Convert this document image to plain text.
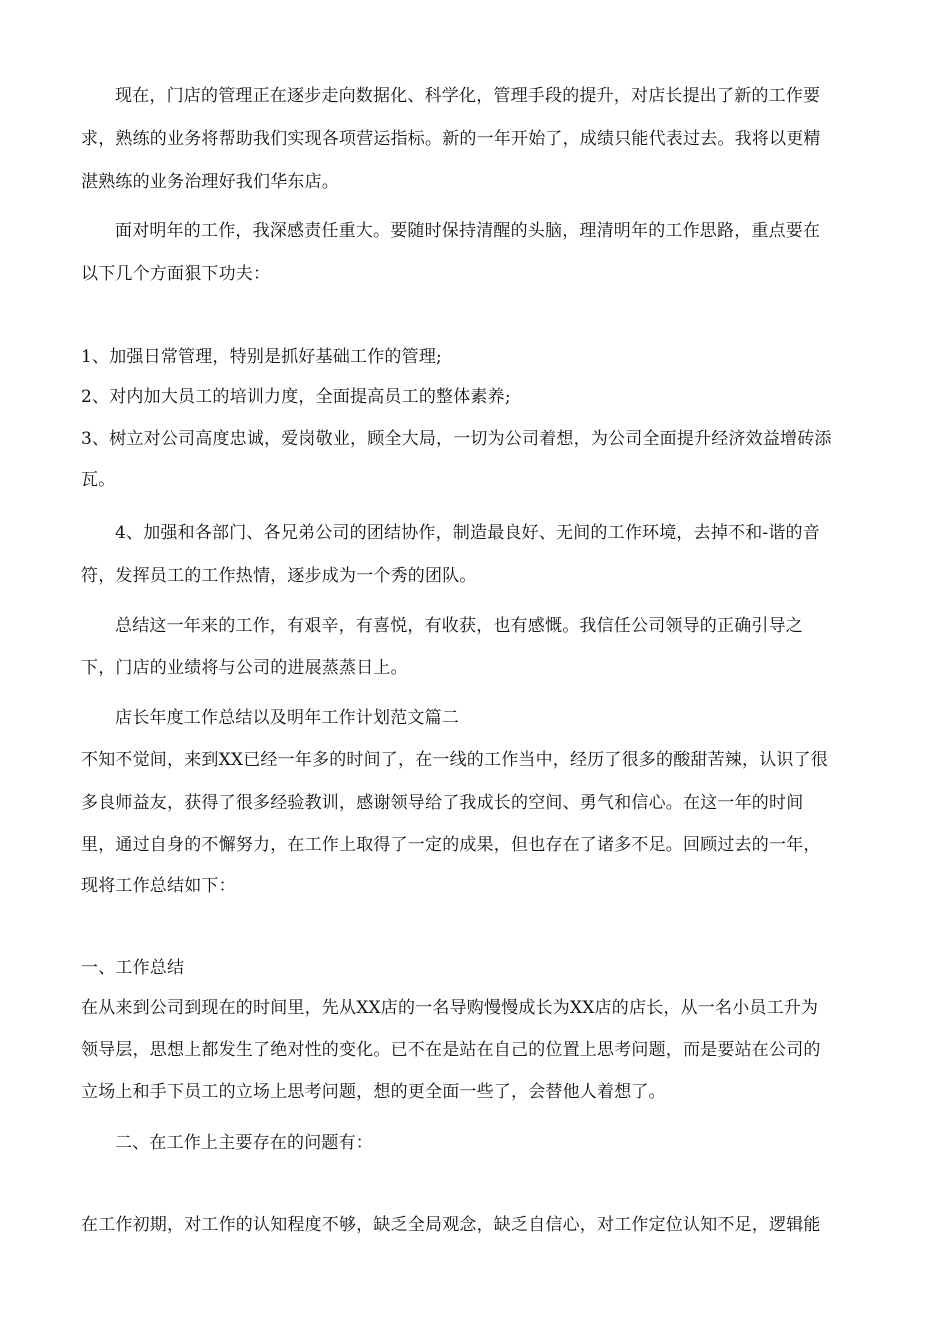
现在，门店的管理正在逐步走向数据化、科学化，管理手段的提升，对店长提出了新的工作要
求，熟练的业务将帮助我们实现各项营运指标。新的一年开始了，成绩只能代表过去。我将以更精
湛熟练的业务治理好我们华东店。
面对明年的工作，我深感责任重大。要随时保持清醒的头脑，理清明年的工作思路，重点要在
以下几个方面狠下功夫：
1、加强日常管理，特别是抓好基础工作的管理;
2、对内加大员工的培训力度，全面提高员工的整体素养;
3、树立对公司高度忠诚，爱岗敬业，顾全大局，一切为公司着想，为公司全面提升经济效益增砖添
瓦。
4、加强和各部门、各兄弟公司的团结协作，制造最良好、无间的工作环境，去掉不和-谐的音
符，发挥员工的工作热情，逐步成为一个秀的团队。
总结这一年来的工作，有艰辛，有喜悦，有收获，也有感慨。我信任公司领导的正确引导之
下，门店的业绩将与公司的进展蒸蒸日上。
店长年度工作总结以及明年工作计划范文篇二
不知不觉间，来到XX已经一年多的时间了，在一线的工作当中，经历了很多的酸甜苦辣，认识了很
多良师益友，获得了很多经验教训，感谢领导给了我成长的空间、勇气和信心。在这一年的时间
里，通过自身的不懈努力，在工作上取得了一定的成果，但也存在了诸多不足。回顾过去的一年，
现将工作总结如下：
一、工作总结
在从来到公司到现在的时间里，先从XX店的一名导购慢慢成长为XX店的店长，从一名小员工升为
领导层，思想上都发生了绝对性的变化。已不在是站在自己的位置上思考问题，而是要站在公司的
立场上和手下员工的立场上思考问题，想的更全面一些了，会替他人着想了。
二、在工作上主要存在的问题有：
在工作初期，对工作的认知程度不够，缺乏全局观念，缺乏自信心，对工作定位认知不足，逻辑能
